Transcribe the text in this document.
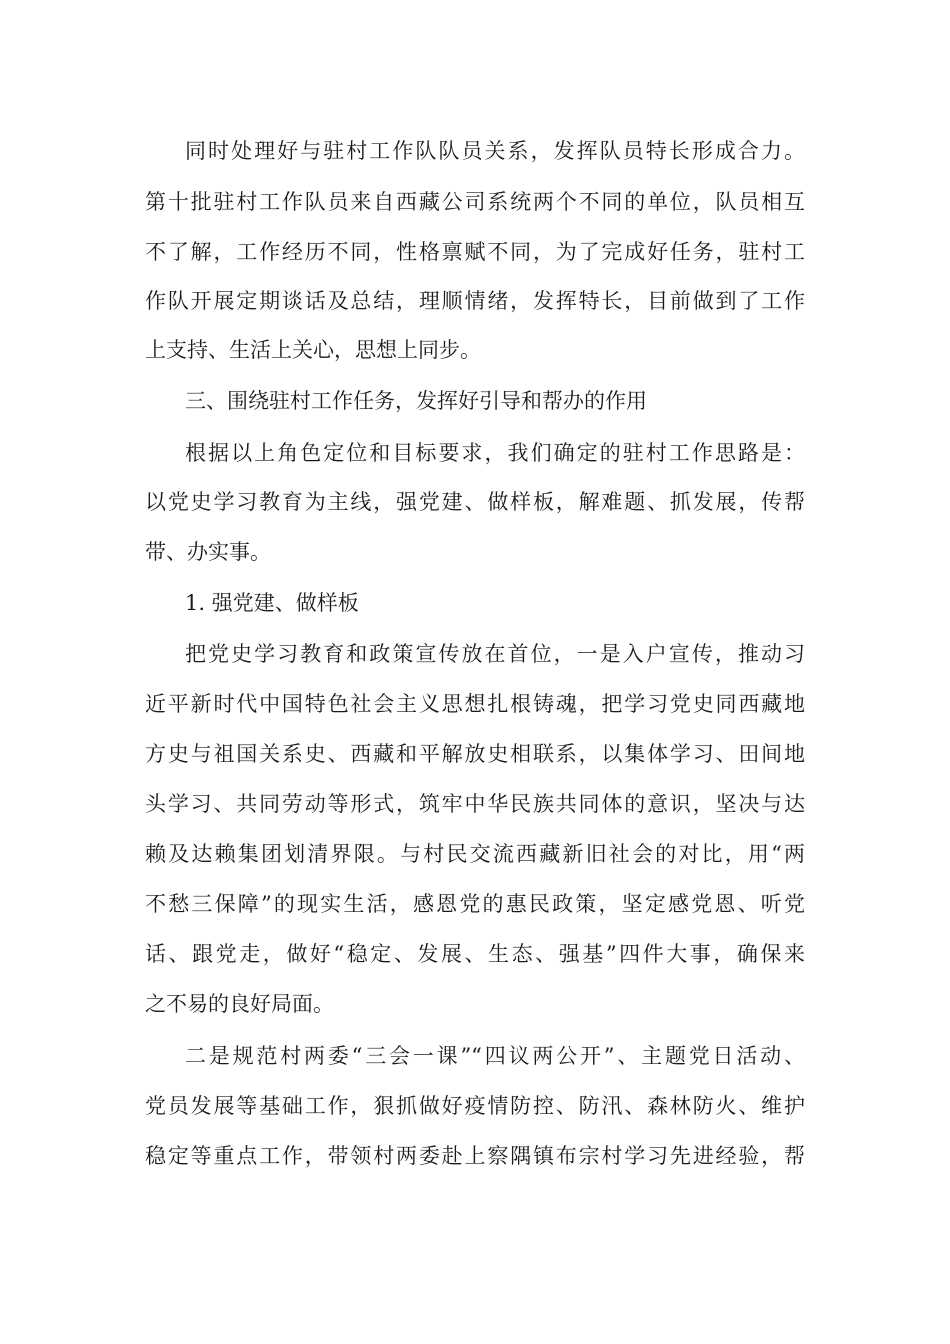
同时处理好与驻村工作队队员关系，发挥队员特长形成合力。
第十批驻村工作队员来自西藏公司系统两个不同的单位，队员相互
不了解，工作经历不同，性格禀赋不同，为了完成好任务，驻村工
作队开展定期谈话及总结，理顺情绪，发挥特长，目前做到了工作
上支持、生活上关心，思想上同步。
三、围绕驻村工作任务，发挥好引导和帮办的作用
根据以上角色定位和目标要求，我们确定的驻村工作思路是：
以党史学习教育为主线，强党建、做样板，解难题、抓发展，传帮
带、办实事。
1. 强党建、做样板
把党史学习教育和政策宣传放在首位，一是入户宣传，推动习
近平新时代中国特色社会主义思想扎根铸魂，把学习党史同西藏地
方史与祖国关系史、西藏和平解放史相联系，以集体学习、田间地
头学习、共同劳动等形式，筑牢中华民族共同体的意识，坚决与达
赖及达赖集团划清界限。与村民交流西藏新旧社会的对比，用“两
不愁三保障”的现实生活，感恩党的惠民政策，坚定感党恩、听党
话、跟党走，做好“稳定、发展、生态、强基”四件大事，确保来
之不易的良好局面。
二是规范村两委“三会一课”“四议两公开”、主题党日活动、
党员发展等基础工作，狠抓做好疫情防控、防汛、森林防火、维护
稳定等重点工作，带领村两委赴上察隅镇布宗村学习先进经验，帮
